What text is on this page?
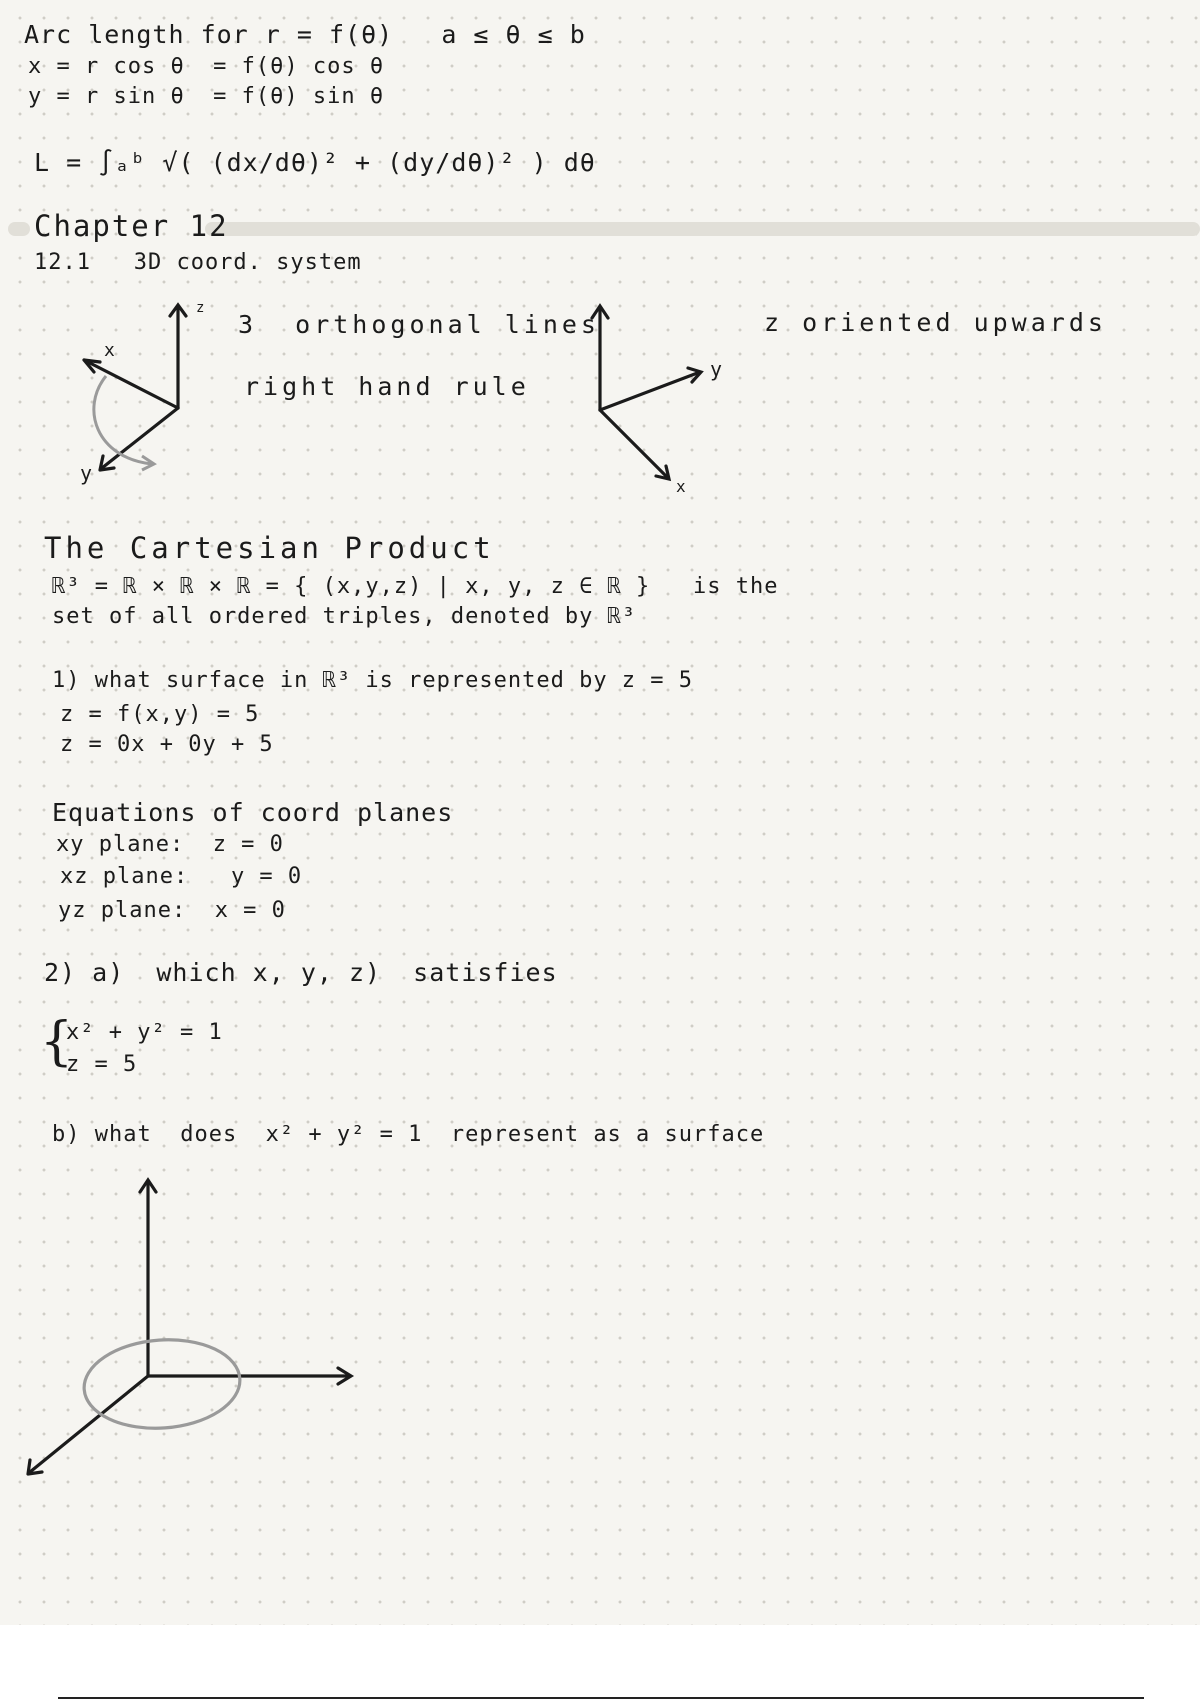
Arc length for r = f(θ)   a ≤ θ ≤ b
x = r cos θ  = f(θ) cos θ
y = r sin θ  = f(θ) sin θ
L = ∫ₐᵇ √( (dx/dθ)² + (dy/dθ)² ) dθ
Chapter 12
12.1   3D coord. system
z
x
y
3  orthogonal lines
right hand rule
y
x
z oriented upwards
The Cartesian Product
ℝ³ = ℝ × ℝ × ℝ = { (x,y,z) | x, y, z ∈ ℝ }   is the
set of all ordered triples, denoted by ℝ³
1) what surface in ℝ³ is represented by z = 5
z = f(x,y) = 5
z = 0x + 0y + 5
Equations of coord planes
xy plane:  z = 0
xz plane:   y = 0
yz plane:  x = 0
2) a)  which x, y, z)  satisfies
{
x² + y² = 1
z = 5
b) what  does  x² + y² = 1  represent as a surface
